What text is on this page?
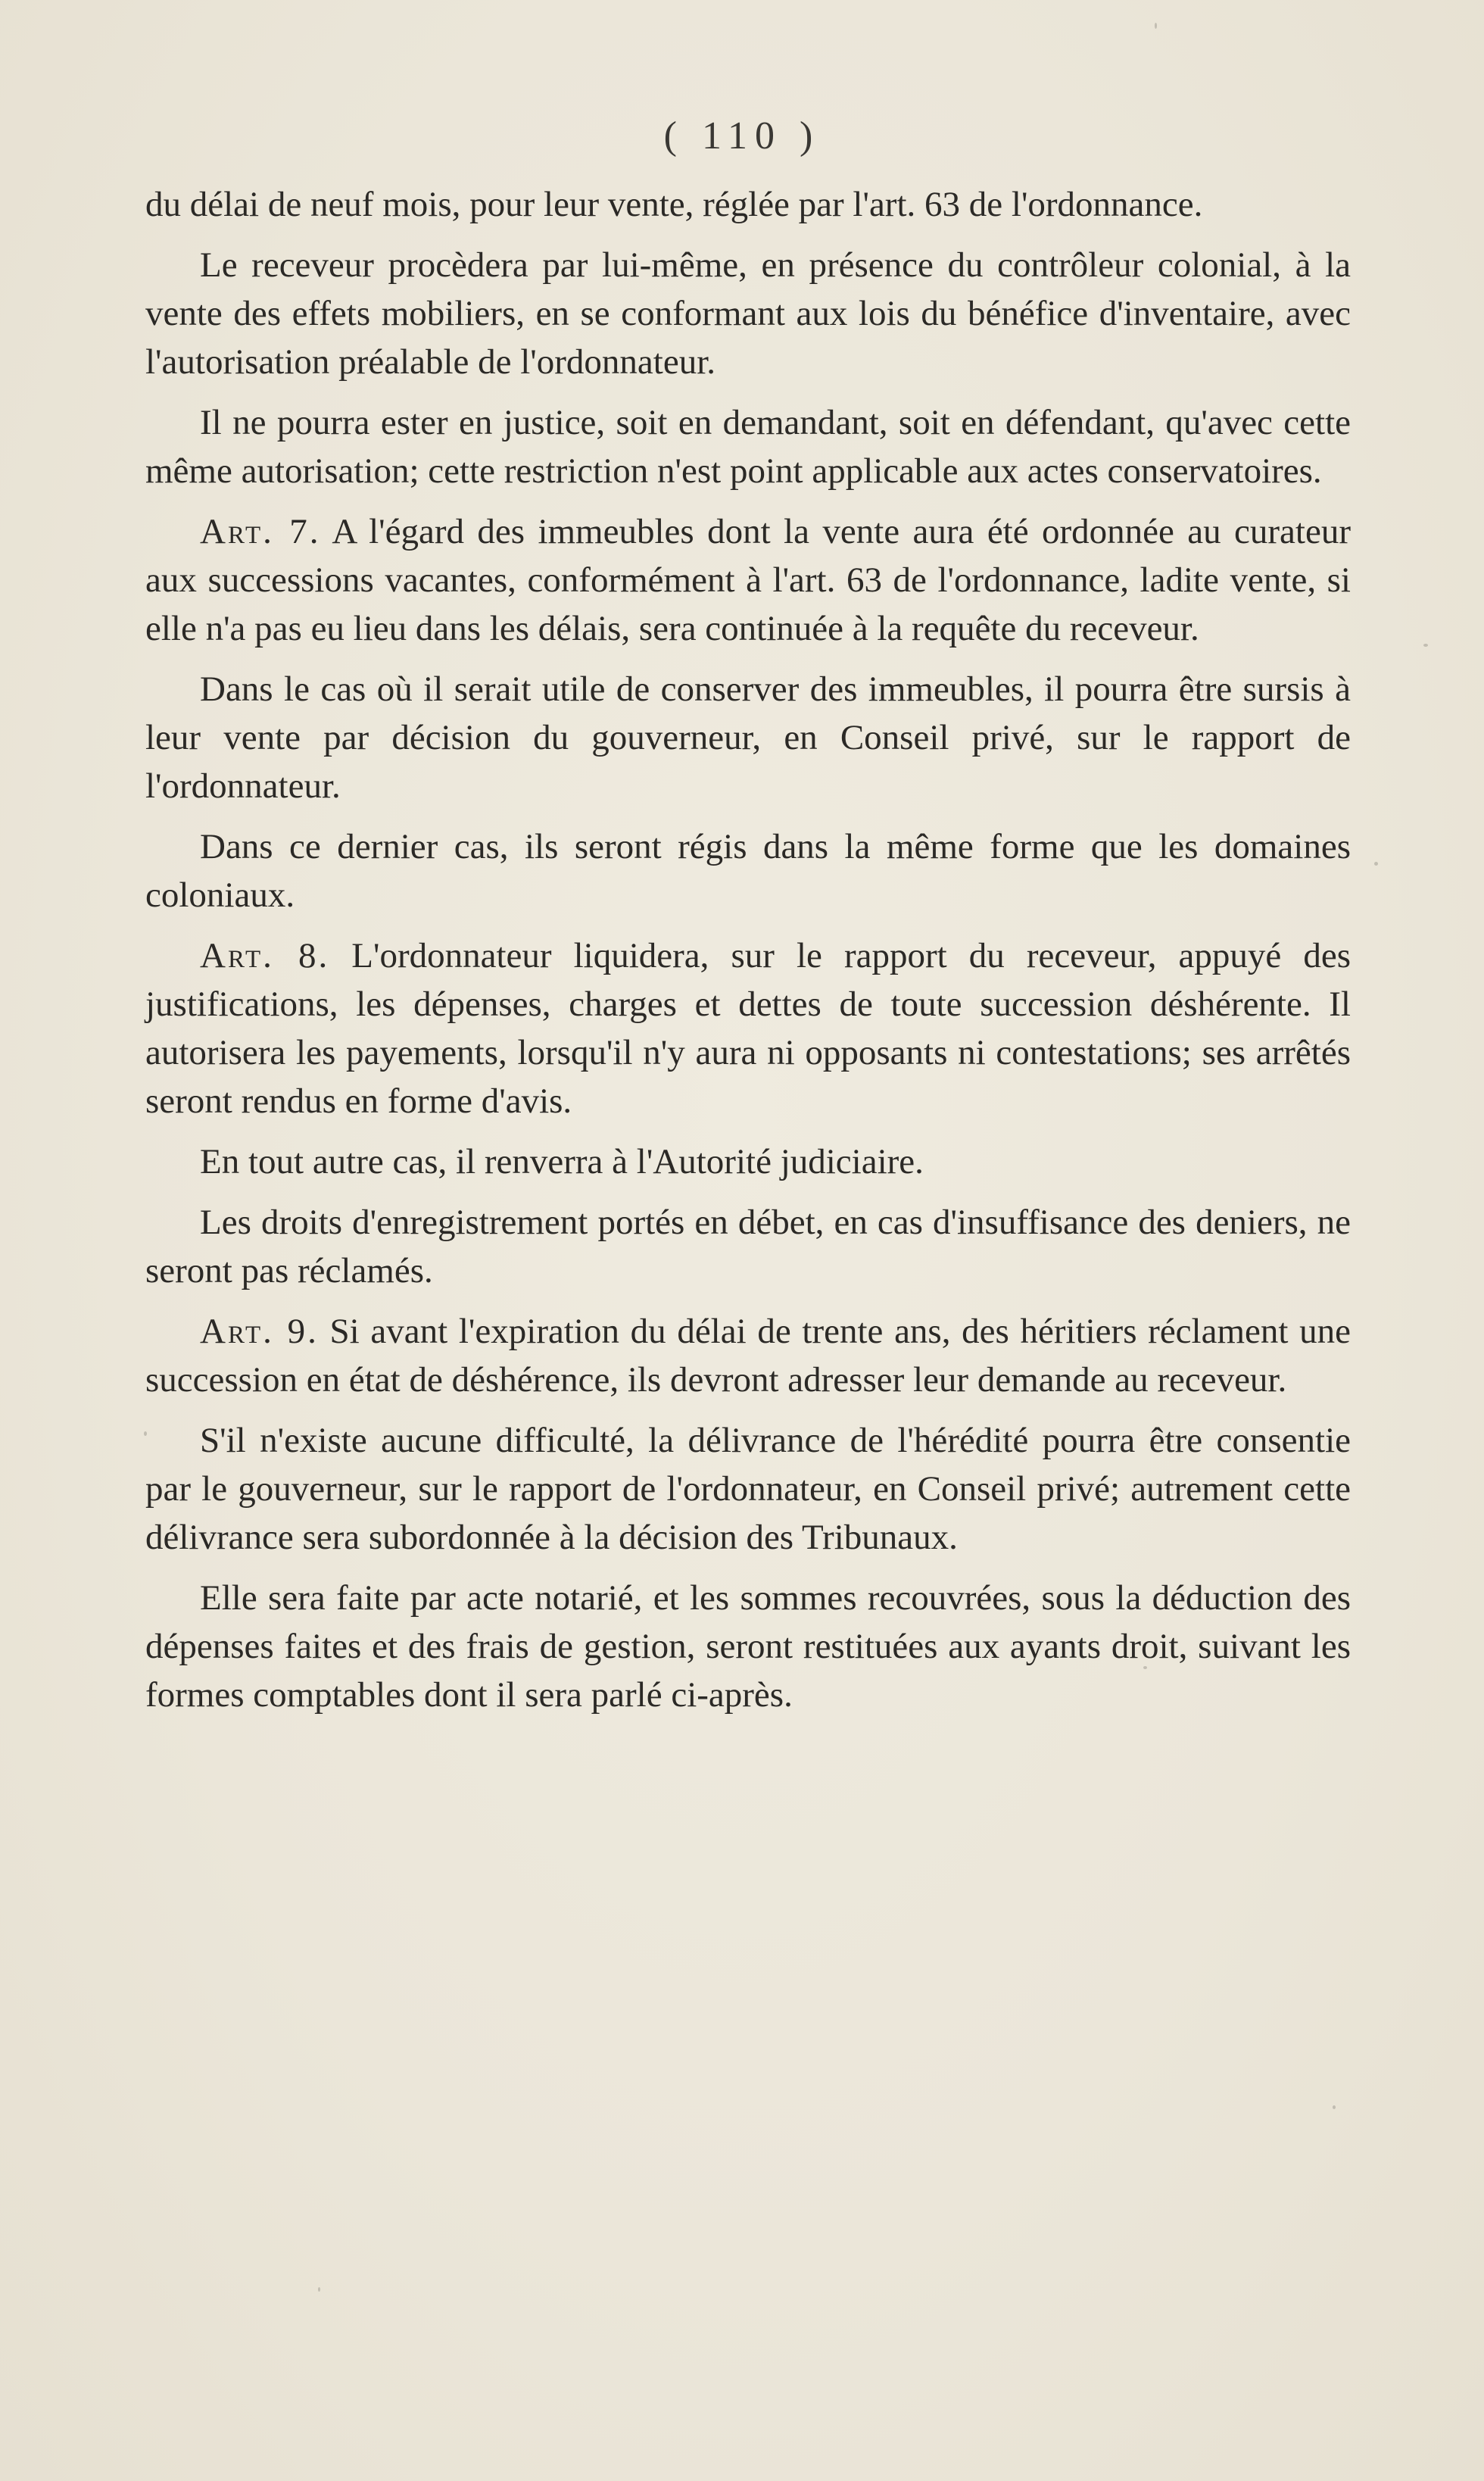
( 110 )

du délai de neuf mois, pour leur vente, réglée par l'art. 63 de l'ordonnance.

Le receveur procèdera par lui-même, en présence du contrôleur colonial, à la vente des effets mobiliers, en se conformant aux lois du bénéfice d'inventaire, avec l'autorisation préalable de l'ordonnateur.

Il ne pourra ester en justice, soit en demandant, soit en défendant, qu'avec cette même autorisation; cette restriction n'est point applicable aux actes conservatoires.

Art. 7. A l'égard des immeubles dont la vente aura été ordonnée au curateur aux successions vacantes, conformément à l'art. 63 de l'ordonnance, ladite vente, si elle n'a pas eu lieu dans les délais, sera continuée à la requête du receveur.

Dans le cas où il serait utile de conserver des immeubles, il pourra être sursis à leur vente par décision du gouverneur, en Conseil privé, sur le rapport de l'ordonnateur.

Dans ce dernier cas, ils seront régis dans la même forme que les domaines coloniaux.

Art. 8. L'ordonnateur liquidera, sur le rapport du receveur, appuyé des justifications, les dépenses, charges et dettes de toute succession déshérente. Il autorisera les payements, lorsqu'il n'y aura ni opposants ni contestations; ses arrêtés seront rendus en forme d'avis.

En tout autre cas, il renverra à l'Autorité judiciaire.

Les droits d'enregistrement portés en débet, en cas d'insuffisance des deniers, ne seront pas réclamés.

Art. 9. Si avant l'expiration du délai de trente ans, des héritiers réclament une succession en état de déshérence, ils devront adresser leur demande au receveur.

S'il n'existe aucune difficulté, la délivrance de l'hérédité pourra être consentie par le gouverneur, sur le rapport de l'ordonnateur, en Conseil privé; autrement cette délivrance sera subordonnée à la décision des Tribunaux.

Elle sera faite par acte notarié, et les sommes recouvrées, sous la déduction des dépenses faites et des frais de gestion, seront restituées aux ayants droit, suivant les formes comptables dont il sera parlé ci-après.
